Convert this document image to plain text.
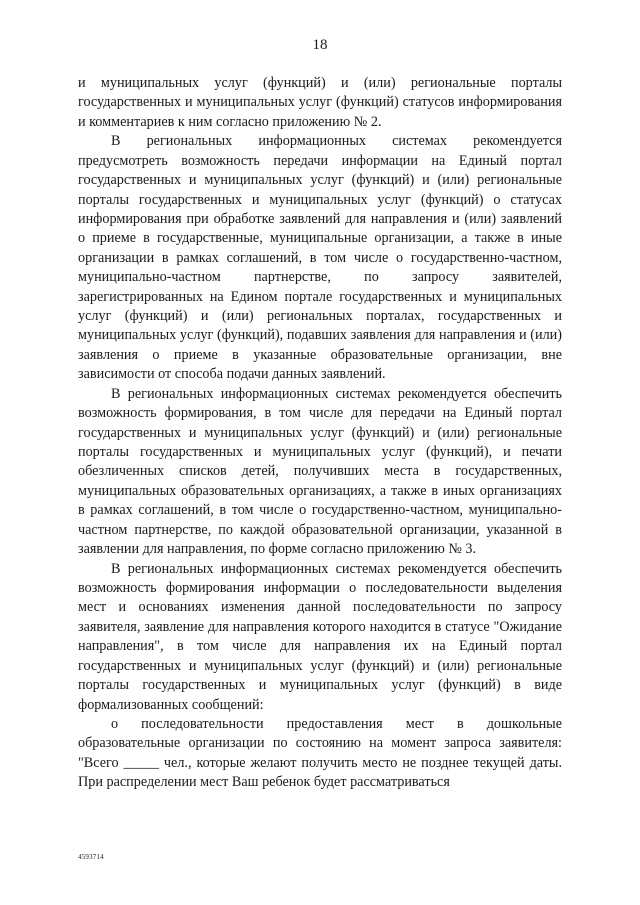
18

и муниципальных услуг (функций) и (или) региональные порталы государственных и муниципальных услуг (функций) статусов информирования и комментариев к ним согласно приложению № 2.

В региональных информационных системах рекомендуется предусмотреть возможность передачи информации на Единый портал государственных и муниципальных услуг (функций) и (или) региональные порталы государственных и муниципальных услуг (функций) о статусах информирования при обработке заявлений для направления и (или) заявлений о приеме в государственные, муниципальные организации, а также в иные организации в рамках соглашений, в том числе о государственно-частном, муниципально-частном партнерстве, по запросу заявителей, зарегистрированных на Едином портале государственных и муниципальных услуг (функций) и (или) региональных порталах, государственных и муниципальных услуг (функций), подавших заявления для направления и (или) заявления о приеме в указанные образовательные организации, вне зависимости от способа подачи данных заявлений.

В региональных информационных системах рекомендуется обеспечить возможность формирования, в том числе для передачи на Единый портал государственных и муниципальных услуг (функций) и (или) региональные порталы государственных и муниципальных услуг (функций), и печати обезличенных списков детей, получивших места в государственных, муниципальных образовательных организациях, а также в иных организациях в рамках соглашений, в том числе о государственно-частном, муниципально-частном партнерстве, по каждой образовательной организации, указанной в заявлении для направления, по форме согласно приложению № 3.

В региональных информационных системах рекомендуется обеспечить возможность формирования информации о последовательности выделения мест и основаниях изменения данной последовательности по запросу заявителя, заявление для направления которого находится в статусе "Ожидание направления", в том числе для направления их на Единый портал государственных и муниципальных услуг (функций) и (или) региональные порталы государственных и муниципальных услуг (функций) в виде формализованных сообщений:

о последовательности предоставления мест в дошкольные образовательные организации по состоянию на момент запроса заявителя: "Всего _____ чел., которые желают получить место не позднее текущей даты. При распределении мест Ваш ребенок будет рассматриваться

4593714
